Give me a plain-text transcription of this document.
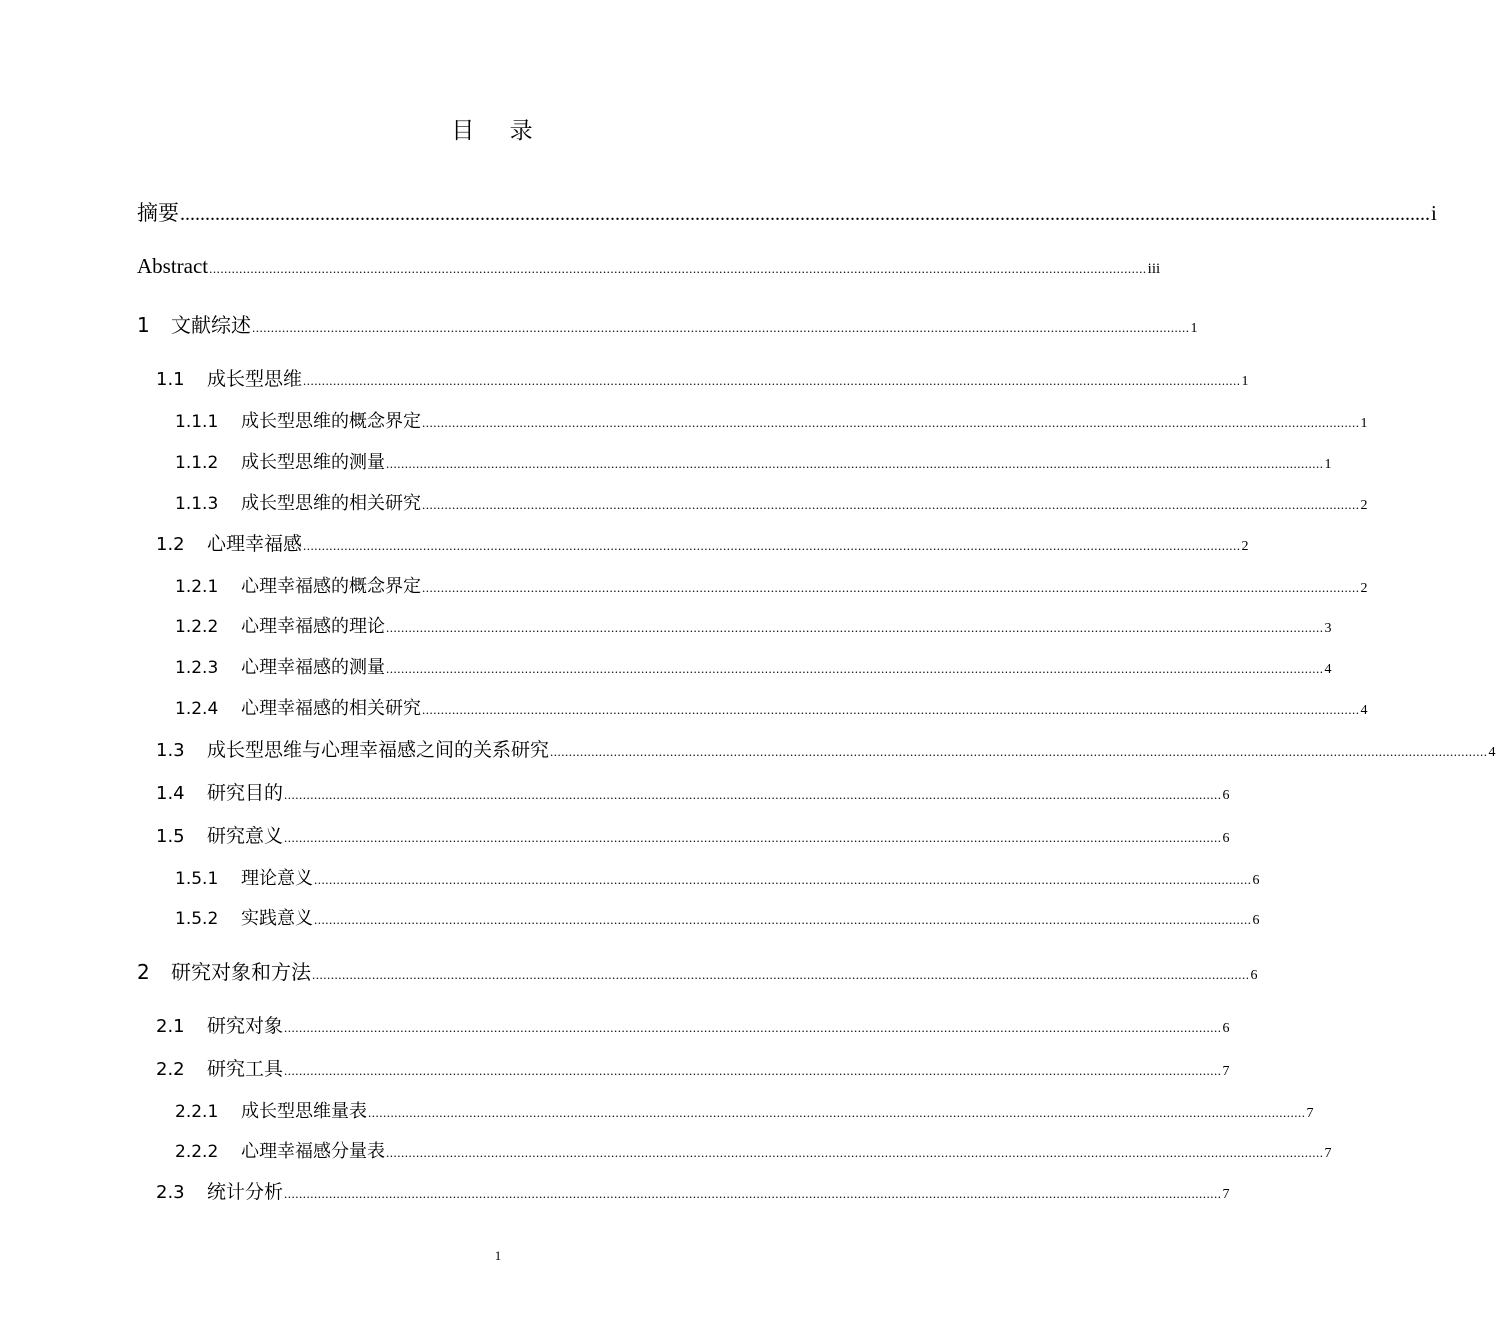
目 录
摘要 .......................................................................................................................................................................................................................................................... i
Abstract .......................................................................................................................................................................................................................................................... iii
1 文献综述 .......................................................................................................................................................................................................................................................... 1
1.1 成长型思维 .......................................................................................................................................................................................................................................................... 1
1.1.1 成长型思维的概念界定 .......................................................................................................................................................................................................................................................... 1
1.1.2 成长型思维的测量 .......................................................................................................................................................................................................................................................... 1
1.1.3 成长型思维的相关研究 .......................................................................................................................................................................................................................................................... 2
1.2 心理幸福感 .......................................................................................................................................................................................................................................................... 2
1.2.1 心理幸福感的概念界定 .......................................................................................................................................................................................................................................................... 2
1.2.2 心理幸福感的理论 .......................................................................................................................................................................................................................................................... 3
1.2.3 心理幸福感的测量 .......................................................................................................................................................................................................................................................... 4
1.2.4 心理幸福感的相关研究 .......................................................................................................................................................................................................................................................... 4
1.3 成长型思维与心理幸福感之间的关系研究 .......................................................................................................................................................................................................................................................... 4
1.4 研究目的 .......................................................................................................................................................................................................................................................... 6
1.5 研究意义 .......................................................................................................................................................................................................................................................... 6
1.5.1 理论意义 .......................................................................................................................................................................................................................................................... 6
1.5.2 实践意义 .......................................................................................................................................................................................................................................................... 6
2 研究对象和方法 .......................................................................................................................................................................................................................................................... 6
2.1 研究对象 .......................................................................................................................................................................................................................................................... 6
2.2 研究工具 .......................................................................................................................................................................................................................................................... 7
2.2.1 成长型思维量表 .......................................................................................................................................................................................................................................................... 7
2.2.2 心理幸福感分量表 .......................................................................................................................................................................................................................................................... 7
2.3 统计分析 .......................................................................................................................................................................................................................................................... 7
1
